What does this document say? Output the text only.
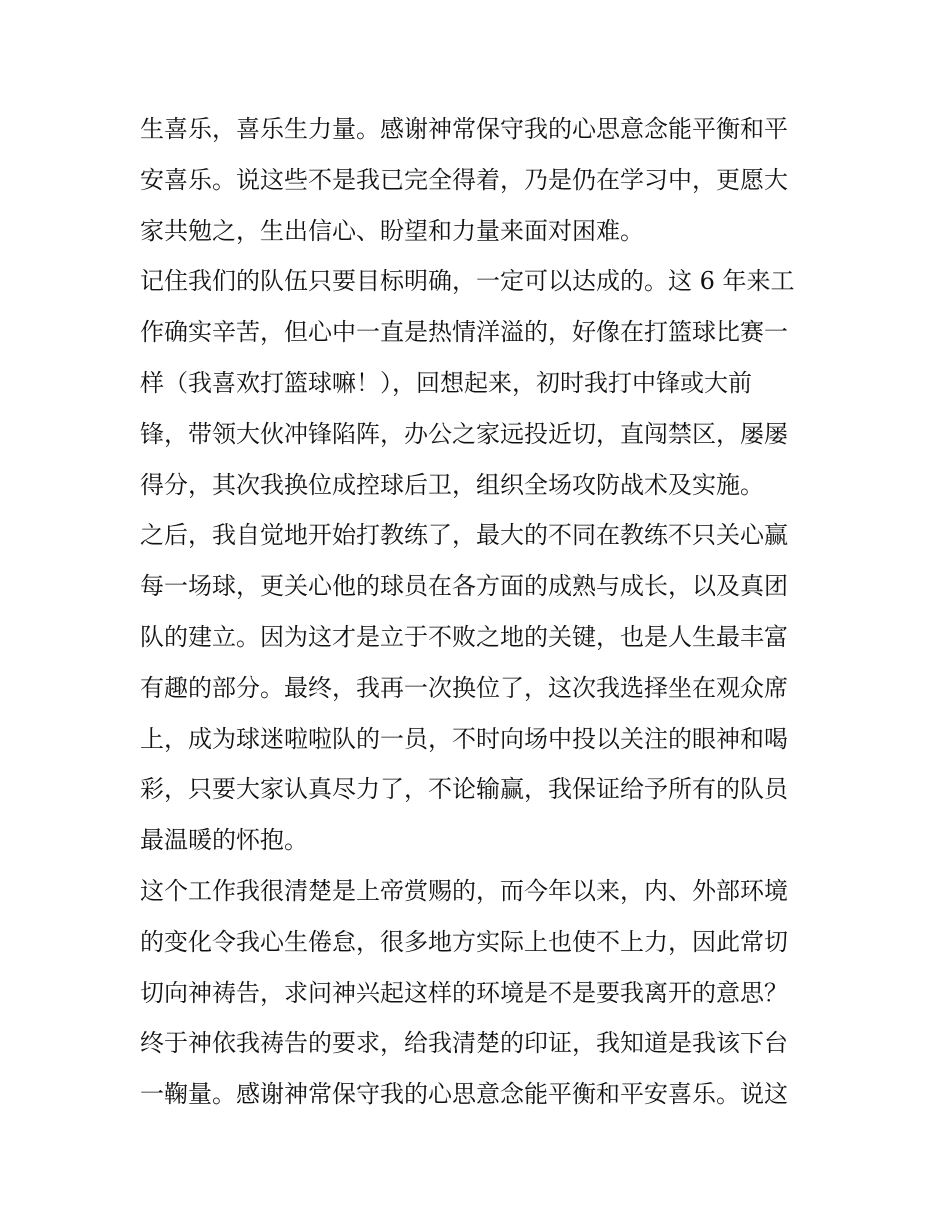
生喜乐，喜乐生力量。感谢神常保守我的心思意念能平衡和平
安喜乐。说这些不是我已完全得着，乃是仍在学习中，更愿大
家共勉之，生出信心、盼望和力量来面对困难。
记住我们的队伍只要目标明确，一定可以达成的。这 6 年来工
作确实辛苦，但心中一直是热情洋溢的，好像在打篮球比赛一
样（我喜欢打篮球嘛！），回想起来，初时我打中锋或大前
锋，带领大伙冲锋陷阵，办公之家远投近切，直闯禁区，屡屡
得分，其次我换位成控球后卫，组织全场攻防战术及实施。
之后，我自觉地开始打教练了，最大的不同在教练不只关心赢
每一场球，更关心他的球员在各方面的成熟与成长，以及真团
队的建立。因为这才是立于不败之地的关键，也是人生最丰富
有趣的部分。最终，我再一次换位了，这次我选择坐在观众席
上，成为球迷啦啦队的一员，不时向场中投以关注的眼神和喝
彩，只要大家认真尽力了，不论输赢，我保证给予所有的队员
最温暖的怀抱。
这个工作我很清楚是上帝赏赐的，而今年以来，内、外部环境
的变化令我心生倦怠，很多地方实际上也使不上力，因此常切
切向神祷告，求问神兴起这样的环境是不是要我离开的意思？
终于神依我祷告的要求，给我清楚的印证，我知道是我该下台
一鞠量。感谢神常保守我的心思意念能平衡和平安喜乐。说这
